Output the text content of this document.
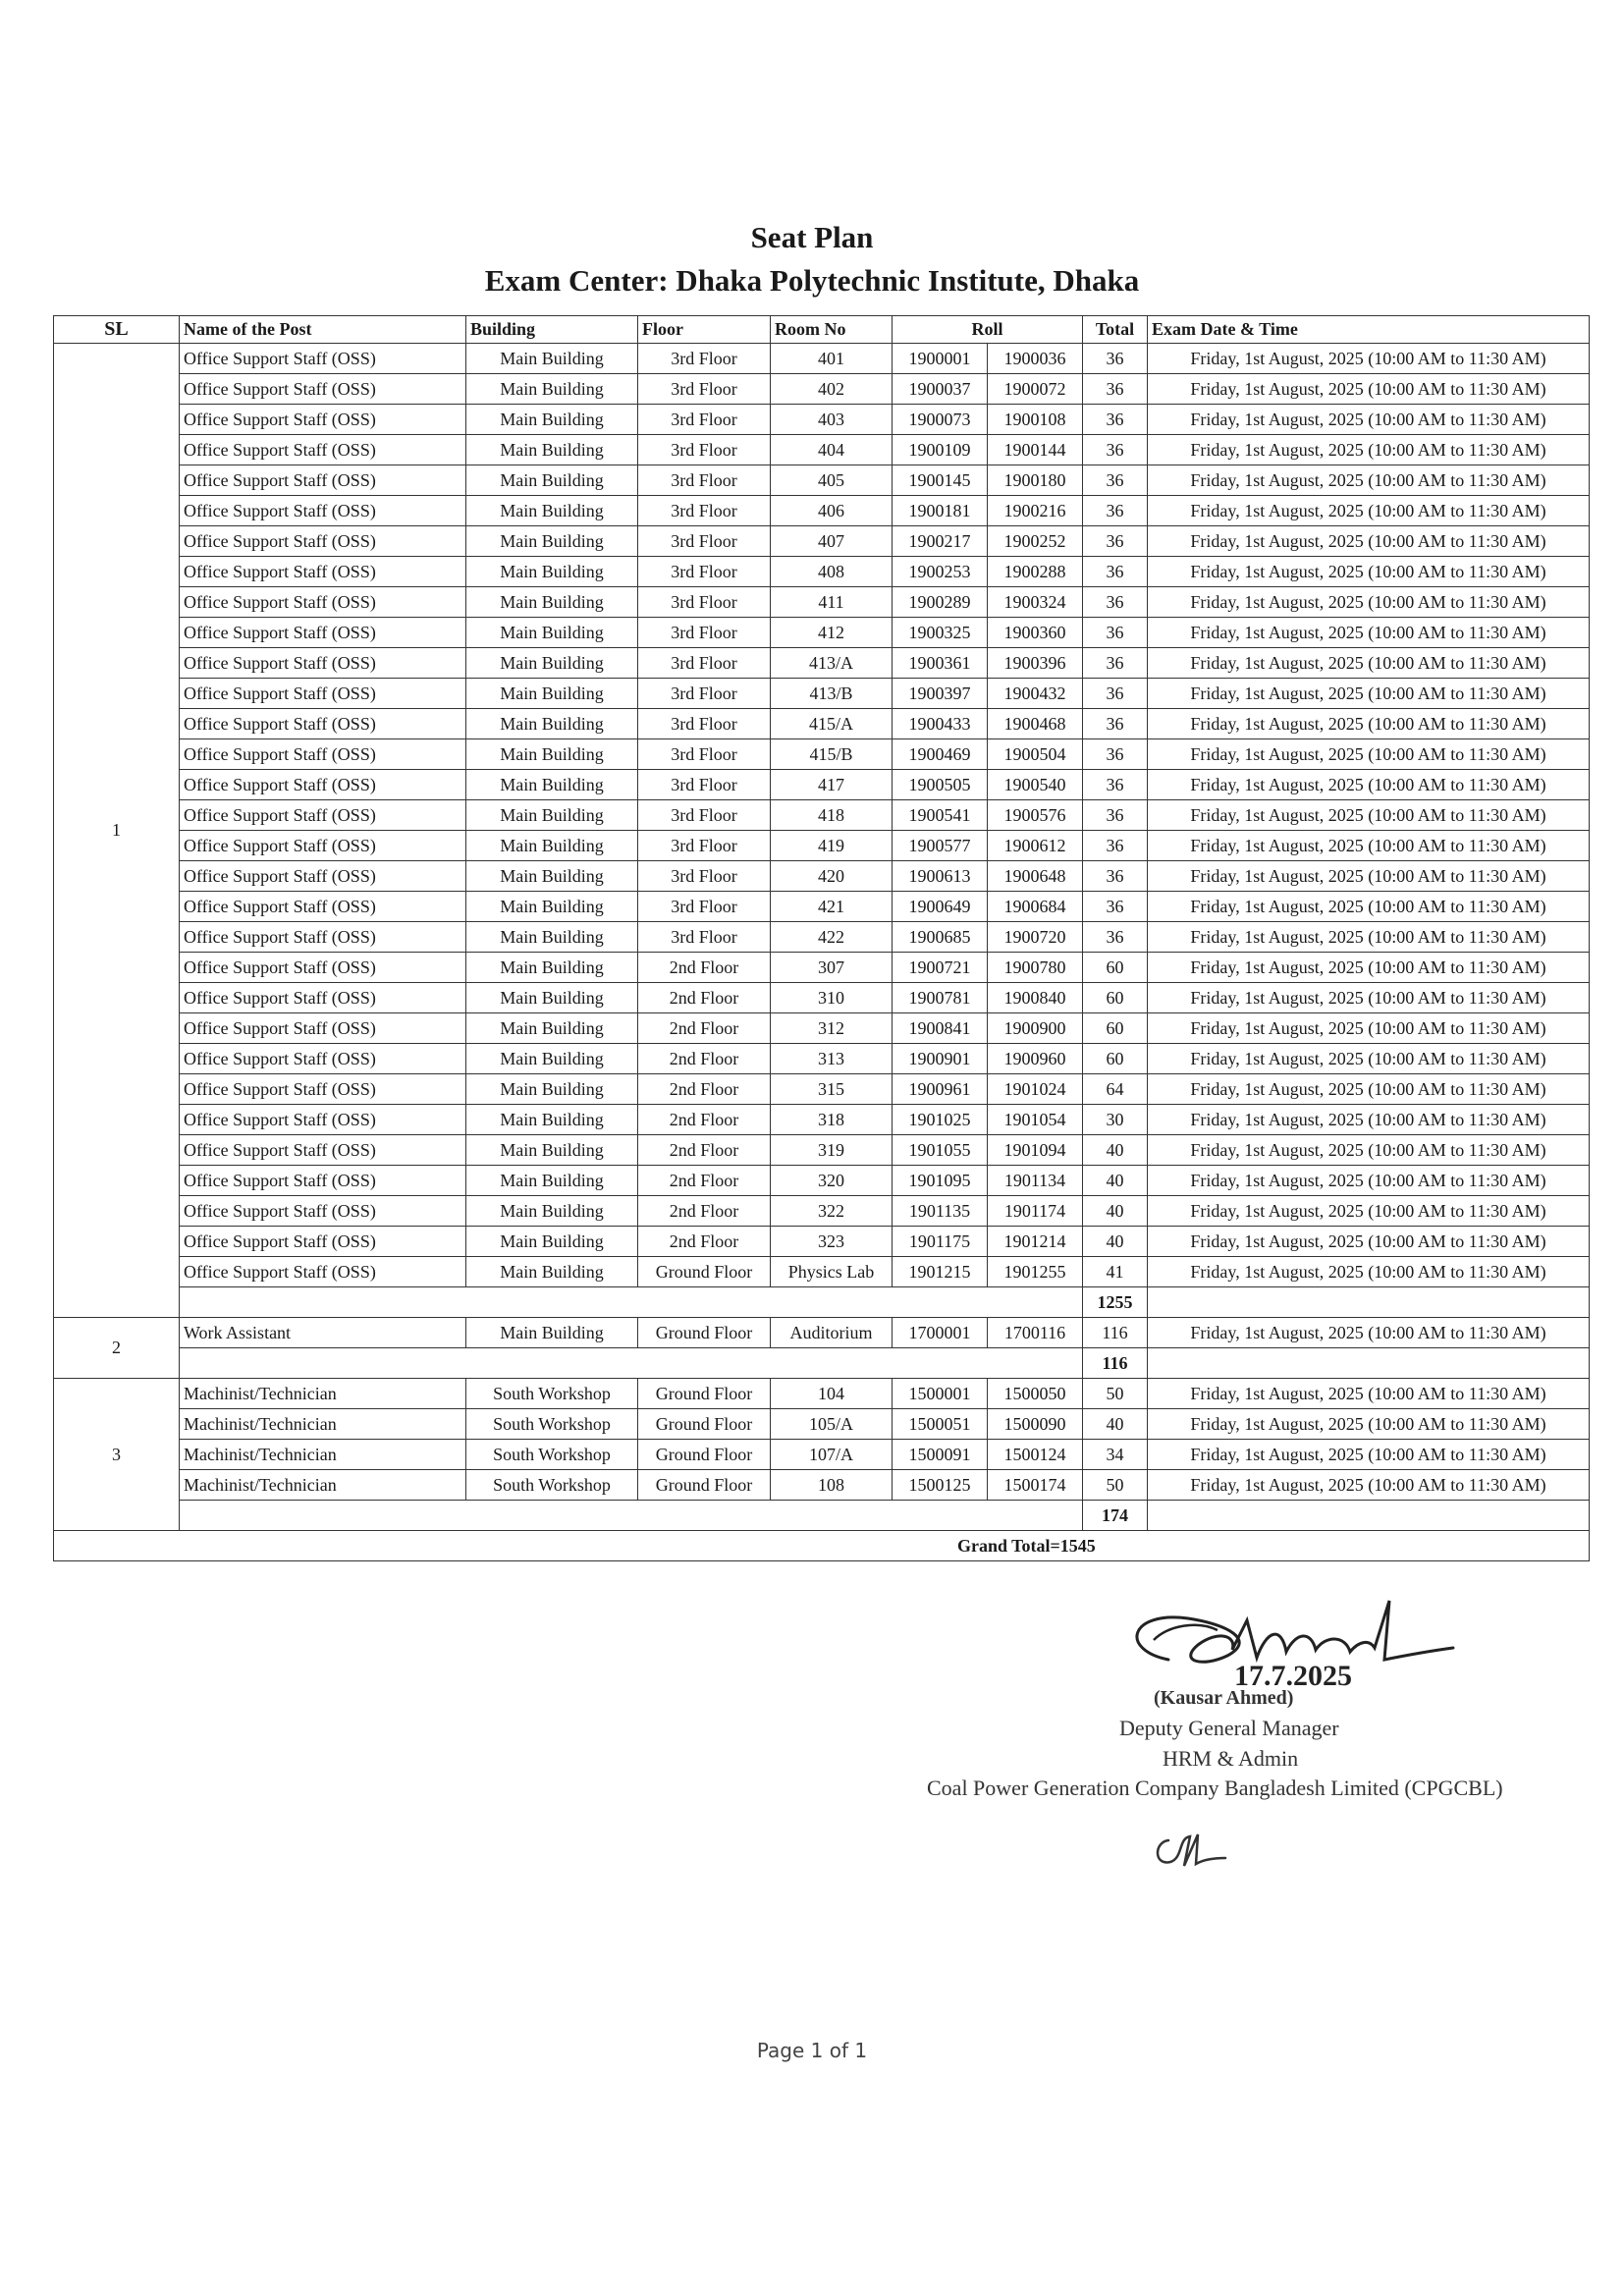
Seat Plan
Exam Center: Dhaka Polytechnic Institute, Dhaka
SL	Name of the Post	Building	Floor	Room No	Roll		Total	Exam Date & Time
1	Office Support Staff (OSS)	Main Building	3rd Floor	401	1900001	1900036	36	Friday, 1st August, 2025 (10:00 AM to 11:30 AM)
	Office Support Staff (OSS)	Main Building	3rd Floor	402	1900037	1900072	36	Friday, 1st August, 2025 (10:00 AM to 11:30 AM)
	Office Support Staff (OSS)	Main Building	3rd Floor	403	1900073	1900108	36	Friday, 1st August, 2025 (10:00 AM to 11:30 AM)
	Office Support Staff (OSS)	Main Building	3rd Floor	404	1900109	1900144	36	Friday, 1st August, 2025 (10:00 AM to 11:30 AM)
	Office Support Staff (OSS)	Main Building	3rd Floor	405	1900145	1900180	36	Friday, 1st August, 2025 (10:00 AM to 11:30 AM)
	Office Support Staff (OSS)	Main Building	3rd Floor	406	1900181	1900216	36	Friday, 1st August, 2025 (10:00 AM to 11:30 AM)
	Office Support Staff (OSS)	Main Building	3rd Floor	407	1900217	1900252	36	Friday, 1st August, 2025 (10:00 AM to 11:30 AM)
	Office Support Staff (OSS)	Main Building	3rd Floor	408	1900253	1900288	36	Friday, 1st August, 2025 (10:00 AM to 11:30 AM)
	Office Support Staff (OSS)	Main Building	3rd Floor	411	1900289	1900324	36	Friday, 1st August, 2025 (10:00 AM to 11:30 AM)
	Office Support Staff (OSS)	Main Building	3rd Floor	412	1900325	1900360	36	Friday, 1st August, 2025 (10:00 AM to 11:30 AM)
	Office Support Staff (OSS)	Main Building	3rd Floor	413/A	1900361	1900396	36	Friday, 1st August, 2025 (10:00 AM to 11:30 AM)
	Office Support Staff (OSS)	Main Building	3rd Floor	413/B	1900397	1900432	36	Friday, 1st August, 2025 (10:00 AM to 11:30 AM)
	Office Support Staff (OSS)	Main Building	3rd Floor	415/A	1900433	1900468	36	Friday, 1st August, 2025 (10:00 AM to 11:30 AM)
	Office Support Staff (OSS)	Main Building	3rd Floor	415/B	1900469	1900504	36	Friday, 1st August, 2025 (10:00 AM to 11:30 AM)
	Office Support Staff (OSS)	Main Building	3rd Floor	417	1900505	1900540	36	Friday, 1st August, 2025 (10:00 AM to 11:30 AM)
	Office Support Staff (OSS)	Main Building	3rd Floor	418	1900541	1900576	36	Friday, 1st August, 2025 (10:00 AM to 11:30 AM)
	Office Support Staff (OSS)	Main Building	3rd Floor	419	1900577	1900612	36	Friday, 1st August, 2025 (10:00 AM to 11:30 AM)
	Office Support Staff (OSS)	Main Building	3rd Floor	420	1900613	1900648	36	Friday, 1st August, 2025 (10:00 AM to 11:30 AM)
	Office Support Staff (OSS)	Main Building	3rd Floor	421	1900649	1900684	36	Friday, 1st August, 2025 (10:00 AM to 11:30 AM)
	Office Support Staff (OSS)	Main Building	3rd Floor	422	1900685	1900720	36	Friday, 1st August, 2025 (10:00 AM to 11:30 AM)
	Office Support Staff (OSS)	Main Building	2nd Floor	307	1900721	1900780	60	Friday, 1st August, 2025 (10:00 AM to 11:30 AM)
	Office Support Staff (OSS)	Main Building	2nd Floor	310	1900781	1900840	60	Friday, 1st August, 2025 (10:00 AM to 11:30 AM)
	Office Support Staff (OSS)	Main Building	2nd Floor	312	1900841	1900900	60	Friday, 1st August, 2025 (10:00 AM to 11:30 AM)
	Office Support Staff (OSS)	Main Building	2nd Floor	313	1900901	1900960	60	Friday, 1st August, 2025 (10:00 AM to 11:30 AM)
	Office Support Staff (OSS)	Main Building	2nd Floor	315	1900961	1901024	64	Friday, 1st August, 2025 (10:00 AM to 11:30 AM)
	Office Support Staff (OSS)	Main Building	2nd Floor	318	1901025	1901054	30	Friday, 1st August, 2025 (10:00 AM to 11:30 AM)
	Office Support Staff (OSS)	Main Building	2nd Floor	319	1901055	1901094	40	Friday, 1st August, 2025 (10:00 AM to 11:30 AM)
	Office Support Staff (OSS)	Main Building	2nd Floor	320	1901095	1901134	40	Friday, 1st August, 2025 (10:00 AM to 11:30 AM)
	Office Support Staff (OSS)	Main Building	2nd Floor	322	1901135	1901174	40	Friday, 1st August, 2025 (10:00 AM to 11:30 AM)
	Office Support Staff (OSS)	Main Building	2nd Floor	323	1901175	1901214	40	Friday, 1st August, 2025 (10:00 AM to 11:30 AM)
	Office Support Staff (OSS)	Main Building	Ground Floor	Physics Lab	1901215	1901255	41	Friday, 1st August, 2025 (10:00 AM to 11:30 AM)
							1255	
2	Work Assistant	Main Building	Ground Floor	Auditorium	1700001	1700116	116	Friday, 1st August, 2025 (10:00 AM to 11:30 AM)
							116	
3	Machinist/Technician	South Workshop	Ground Floor	104	1500001	1500050	50	Friday, 1st August, 2025 (10:00 AM to 11:30 AM)
	Machinist/Technician	South Workshop	Ground Floor	105/A	1500051	1500090	40	Friday, 1st August, 2025 (10:00 AM to 11:30 AM)
	Machinist/Technician	South Workshop	Ground Floor	107/A	1500091	1500124	34	Friday, 1st August, 2025 (10:00 AM to 11:30 AM)
	Machinist/Technician	South Workshop	Ground Floor	108	1500125	1500174	50	Friday, 1st August, 2025 (10:00 AM to 11:30 AM)
							174	
Grand Total=1545								
17.7.2025
(Kausar Ahmed)
Deputy General Manager
HRM & Admin
Coal Power Generation Company Bangladesh Limited (CPGCBL)
Page 1 of 1
